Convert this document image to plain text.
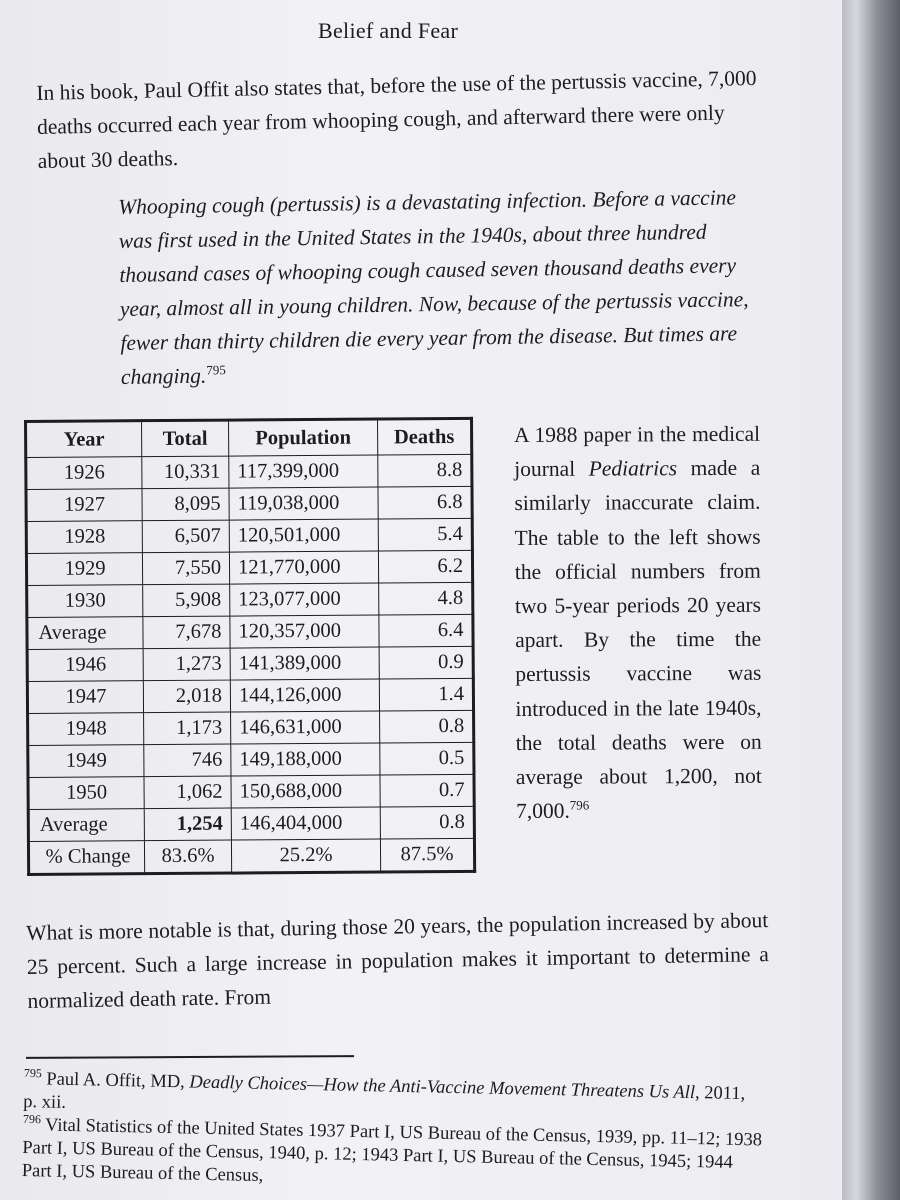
Belief and Fear

In his book, Paul Offit also states that, before the use of the pertussis vaccine, 7,000 deaths occurred each year from whooping cough, and afterward there were only about 30 deaths.

Whooping cough (pertussis) is a devastating infection. Before a vaccine was first used in the United States in the 1940s, about three hundred thousand cases of whooping cough caused seven thousand deaths every year, almost all in young children. Now, because of the pertussis vaccine, fewer than thirty children die every year from the disease. But times are changing.$^{795}$

Year	Total	Population	Deaths
1926	10,331	117,399,000	8.8
1927	8,095	119,038,000	6.8
1928	6,507	120,501,000	5.4
1929	7,550	121,770,000	6.2
1930	5,908	123,077,000	4.8
Average	7,678	120,357,000	6.4
1946	1,273	141,389,000	0.9
1947	2,018	144,126,000	1.4
1948	1,173	146,631,000	0.8
1949	746	149,188,000	0.5
1950	1,062	150,688,000	0.7
Average	1,254	146,404,000	0.8
% Change	83.6%	25.2%	87.5%

A 1988 paper in the medical journal Pediatrics made a similarly inaccurate claim. The table to the left shows the official numbers from two 5-year periods 20 years apart. By the time the pertussis vaccine was introduced in the late 1940s, the total deaths were on average about 1,200, not 7,000.$^{796}$

What is more notable is that, during those 20 years, the population increased by about 25 percent. Such a large increase in population makes it important to determine a normalized death rate. From

$^{795}$ Paul A. Offit, MD, Deadly Choices—How the Anti-Vaccine Movement Threatens Us All, 2011, p. xii.

$^{796}$ Vital Statistics of the United States 1937 Part I, US Bureau of the Census, 1939, pp. 11–12; 1938 Part I, US Bureau of the Census, 1940, p. 12; 1943 Part I, US Bureau of the Census, 1945; 1944 Part I, US Bureau of the Census,
